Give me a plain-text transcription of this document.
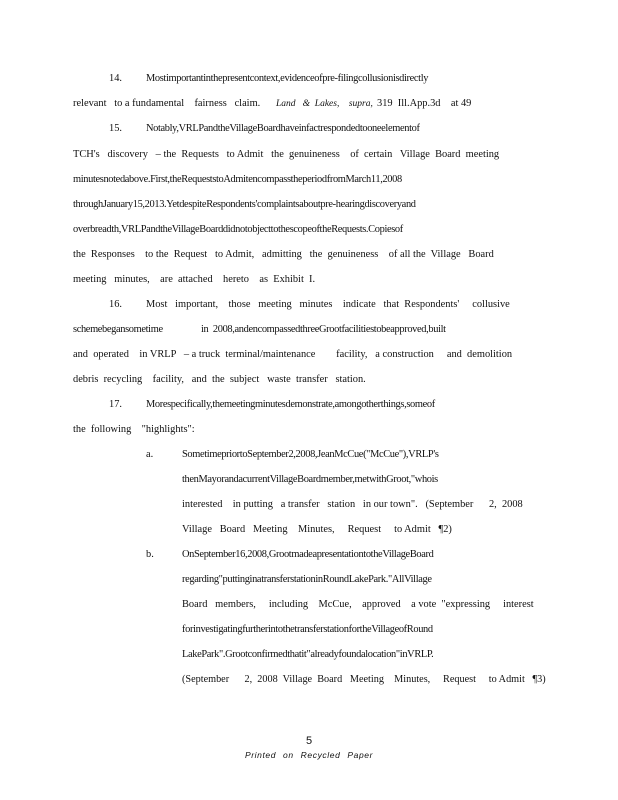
14. Mostimportantinthepresentcontext,evidenceofpre-filingcollusionisdirectly
relevant   to a fundamental    fairness   claim. Land   &  Lakes,    supra, 319  Ill.App.3d    at 49
15. Notably,VRLPandtheVillageBoardhaveinfactrespondedtooneelementof
TCH's   discovery   – the  Requests   to Admit   the  genuineness    of  certain   Village  Board  meeting
minutesnotedabove.First,theRequeststoAdmitencompasstheperiodfromMarch11,2008
throughJanuary15,2013.YetdespiteRespondents'complaintsaboutpre-hearingdiscoveryand
overbreadth,VRLPandtheVillageBoarddidnotobjecttothescopeoftheRequests.Copiesof
the  Responses    to the  Request   to Admit,   admitting   the  genuineness    of all the  Village   Board
meeting   minutes,    are  attached    hereto    as  Exhibit  I.
16. Most   important,    those   meeting   minutes    indicate   that  Respondents'     collusive
schemebegansometime	in  2008,andencompassedthreeGrootfacilitiestobeapproved,built
and  operated    in VRLP   – a truck  terminal/maintenance        facility,   a construction     and  demolition
debris  recycling    facility,   and  the  subject   waste  transfer   station.
17. Morespecifically,themeetingminutesdemonstrate,amongotherthings,someof
the  following    "highlights":
a.	SometimepriortoSeptember2,2008,JeanMcCue("McCue"),VRLP's
thenMayorandacurrentVillageBoardmember,metwithGroot,"whois
interested    in putting   a transfer   station   in our town".   (September      2,  2008
Village   Board   Meeting    Minutes,     Request     to Admit   ¶2)
b.	OnSeptember16,2008,GrootmadeapresentationtotheVillageBoard
regarding"puttinginatransferstationinRoundLakePark."AllVillage
Board   members,     including    McCue,    approved    a vote  "expressing     interest
forinvestigatingfurtherintothetransferstationfortheVillageofRound
LakePark".Grootconfirmedthatit"alreadyfoundalocation"inVRLP.
(September      2,  2008  Village  Board   Meeting    Minutes,     Request     to Admit   ¶3)
5
Printed on Recycled Paper
